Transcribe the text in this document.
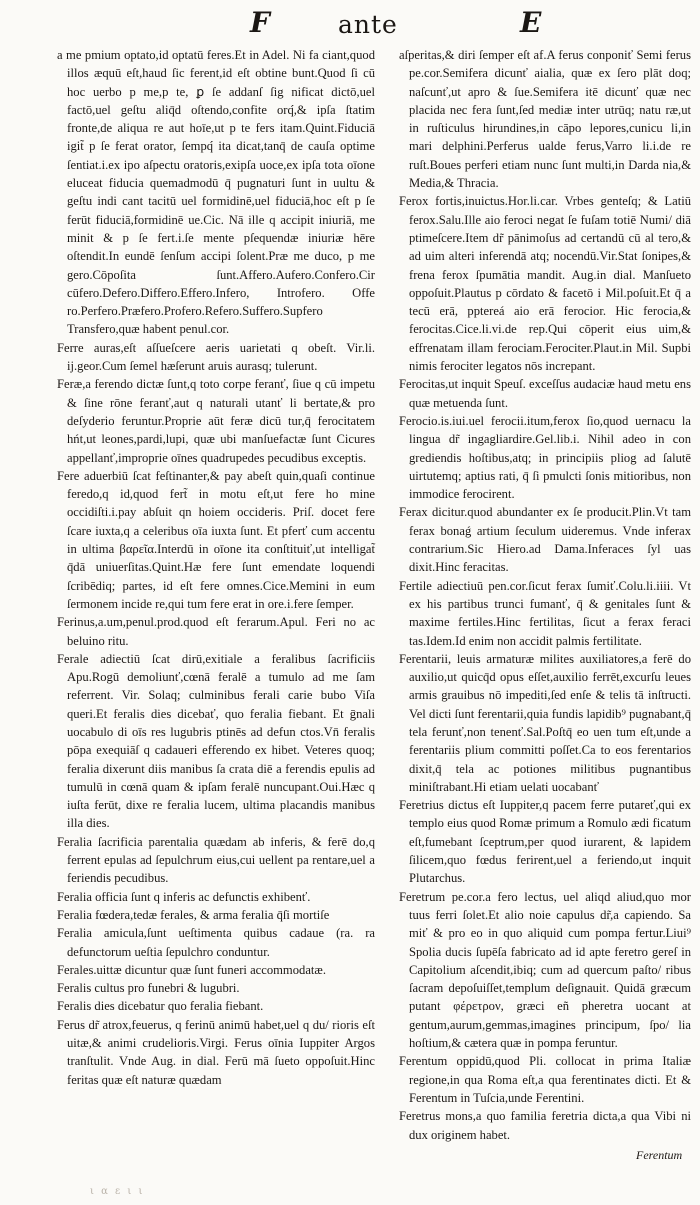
F	ante	E

a me pmium optato,id optatū feres.Et in Adel. Ni fa ciant,quod illos æquū eſt,haud ſic ferent,id eſt obtine bunt.Quod ſi cū hoc uerbo p me,p te, ꝑ ſe addanſ ſig nificat dictō,uel factō,uel geſtu aliq̄d oſtendo,confite orq́,& ipſa ſtatim fronte,de aliqua re aut hoīe,ut p te fers itam.Quint.Fiduciā igit̃ p ſe ferat orator, ſempq́ ita dicat,tanq̄ de cauſa optime ſentiat.i.ex ipo aſpectu oratoris,exipſa uoce,ex ipſa tota oīone eluceat fiducia quemadmodū q̄ pugnaturi ſunt in uultu & geſtu indi cant tacitū uel formidinē,uel fiduciā,hoc eſt p ſe ferūt fiduciā,formidinē ue.Cic. Nā ille q accipit iniuriā, me minit & p ſe fert.i.ſe mente pſequendæ iniuriæ hēre oſtendit.In eundē ſenſum accipi ſolent.Præ me duco, p me gero.Cōpoſita ſunt.Affero.Aufero.Confero.Cir cūfero.Defero.Differo.Effero.Infero, Introfero. Offe ro.Perfero.Præfero.Profero.Refero.Suffero.Supfero Transfero,quæ habent penul.cor.

Ferre auras,eſt aſſueſcere aeris uarietati q obeſt. Vir.li. ij.geor.Cum ſemel hæſerunt aruis aurasq; tulerunt.

Feræ,a ferendo dictæ ſunt,q toto corpe feranť, ſiue q cū impetu & ſine rōne feranť,aut q naturali utanť li bertate,& pro deſyderio feruntur.Proprie aūt feræ dicū tur,q̄ ferocitatem hńt,ut leones,pardi,lupi, quæ ubi manſuefactæ ſunt Cicures appellanť,improprie oīnes quadrupedes pecudibus exceptis.

Fere aduerbiū ſcat feſtinanter,& pay abeſt quin,quaſi continue feredo,q id,quod fert̃ in motu eſt,ut fere ho mine occidiſti.i.pay abſuit qn hoiem occideris. Priſ. docet fere ſcare iuxta,q a celeribus oīa iuxta ſunt. Et pferť cum accentu in ultima βαρεῖα.Interdū in oīone ita conſtituiť,ut intelligat̃ q̄dā uniuerſitas.Quint.Hæ fere ſunt emendate loquendi ſcribēdiq; partes, id eſt fere omnes.Cice.Memini in eum ſermonem incide re,qui tum fere erat in ore.i.fere ſemper.

Ferinus,a.um,penul.prod.quod eſt ferarum.Apul. Feri no ac beluino ritu.

Ferale adiectiū ſcat dirū,exitiale a feralibus ſacrificiis Apu.Rogū demoliunť,cœnā feralē a tumulo ad me ſam referrent. Vir. Solaq; culminibus ferali carie bubo Viſa queri.Et feralis dies dicebať, quo feralia fiebant. Et ḡnali uocabulo di oīs res lugubris ptinēs ad defun ctos.Vn̄ feralis pōpa exequiāſ q cadaueri efferendo ex hibet. Veteres quoq; feralia dixerunt diis manibus ſa crata diē a ferendis epulis ad tumulū in cœnā quam & ipſam feralē nuncupant.Oui.Hæc q iuſta ferūt, dixe re feralia lucem, ultima placandis manibus illa dies.

Feralia ſacrificia parentalia quædam ab inferis, & ferē do,q ferrent epulas ad ſepulchrum eius,cui uellent pa rentare,uel a feriendis pecudibus.

Feralia officia ſunt q inferis ac defunctis exhibenť.

Feralia fœdera,tedæ ferales, & arma feralia q̄ſi mortiſe

Feralia amicula,ſunt ueſtimenta quibus cadaue (ra. ra defunctorum ueſtia ſepulchro conduntur.

Ferales.uittæ dicuntur quæ ſunt funeri accommodatæ.

Feralis cultus pro funebri & lugubri.

Feralis dies dicebatur quo feralia fiebant.

Ferus dr̃ atrox,feuerus, q ferinū animū habet,uel q du/ rioris eſt uitæ,& animi crudelioris.Virgi. Ferus oīnia Iuppiter Argos tranſtulit. Vnde Aug. in dial. Ferū mā ſueto oppoſuit.Hinc feritas quæ eſt naturæ quædam

aſperitas,& diri ſemper eſt af.A ferus conponiť Semi ferus pe.cor.Semifera dicunť aialia, quæ ex ſero plāt doq; naſcunť,ut apro & ſue.Semifera itē dicunť quæ nec placida nec fera ſunt,ſed mediæ inter utrūq; natu ræ,ut in ruſticulus hirundines,in cāpo lepores,cunicu li,in mari delphini.Perferus ualde ferus,Varro li.i.de re ruſt.Boues perferi etiam nunc ſunt multi,in Darda nia,& Media,& Thracia.

Ferox fortis,inuictus.Hor.li.car. Vrbes genteſq; & Latiū ferox.Salu.Ille aio feroci negat ſe fuſam totiē Numi/ diā ptimeſcere.Item dr̃ pānimoſus ad certandū cū al tero,& ad uim alteri inferendā atq; nocendū.Vir.Stat ſonipes,& frena ferox ſpumātia mandit. Aug.in dial. Manſueto oppoſuit.Plautus p cōrdato & facetō i Mil.poſuit.Et q̄ a tecū erā, pptereá aio erā ferocior. Hic ferocia,& ferocitas.Cice.li.vi.de rep.Qui cōperit eius uim,& effrenatam illam ferociam.Ferociter.Plaut.in Mil. Supbi nimis ferociter legatos nōs increpant.

Ferocitas,ut inquit Speuſ. exceſſus audaciæ haud metu ens quæ metuenda ſunt.

Ferocio.is.iui.uel ferocii.itum,ferox ſio,quod uernacu la lingua dr̃ ingagliardire.Gel.lib.i. Nihil adeo in con grediendis hoſtibus,atq; in principiis pliog ad ſalutē uirtutemq; aptius rati, q̄ ſi pmulcti ſonis mitioribus, non immodice ferocirent.

Ferax dicitur.quod abundanter ex ſe producit.Plin.Vt tam ferax bonaǵ artium ſeculum uideremus. Vnde inferax contrarium.Sic Hiero.ad Dama.Inferaces ſyl uas dixit.Hinc feracitas.

Fertile adiectiuū pen.cor.ſicut ferax ſumiť.Colu.li.iiii. Vt ex his partibus trunci fumanť, q̄ & genitales ſunt & maxime fertiles.Hinc fertilitas, ſicut a ferax feraci tas.Idem.Id enim non accidit palmis fertilitate.

Ferentarii, leuis armaturæ milites auxiliatores,a ferē do auxilio,ut quicq̄d opus eſſet,auxilio ferrēt,excurſu leues armis grauibus nō impediti,ſed enſe & telis tā inſtructi. Vel dicti ſunt ferentarii,quia fundis lapidib⁹ pugnabant,q̄ tela ferunť,non tenenť.Sal.Poſtq̄ eo uen tum eſt,unde a ferentariis plium committi poſſet.Ca to eos ferentarios dixit,q̄ tela ac potiones militibus pugnantibus miniſtrabant.Hi etiam uelati uocabanť

Feretrius dictus eſt Iuppiter,q pacem ferre putareť,qui ex templo eius quod Romæ primum a Romulo ædi ficatum eſt,fumebant ſceptrum,per quod iurarent, & lapidem ſilicem,quo fœdus ferirent,uel a feriendo,ut inquit Plutarchus.

Feretrum pe.cor.a fero lectus, uel aliqd aliud,quo mor tuus ferri ſolet.Et alio noie capulus dr̃,a capiendo. Sa miť & pro eo in quo aliquid cum pompa fertur.Liui⁹ Spolia ducis ſupēſa fabricato ad id apte feretro gereſ in Capitolium aſcendit,ibiq; cum ad quercum paſto/ ribus ſacram depoſuiſſet,templum deſignauit. Quidā græcum putant φέρετρον, græci eñ pheretra uocant at gentum,aurum,gemmas,imagines principum, ſpo/ lia hoſtium,& cætera quæ in pompa feruntur.

Ferentum oppidū,quod Pli. collocat in prima Italiæ regione,in qua Roma eſt,a qua ferentinates dicti. Et & Ferentum in Tuſcia,unde Ferentini.

Feretrus mons,a quo familia feretria dicta,a qua Vibi ni dux originem habet.

Ferentum
ι α ε ι ι
